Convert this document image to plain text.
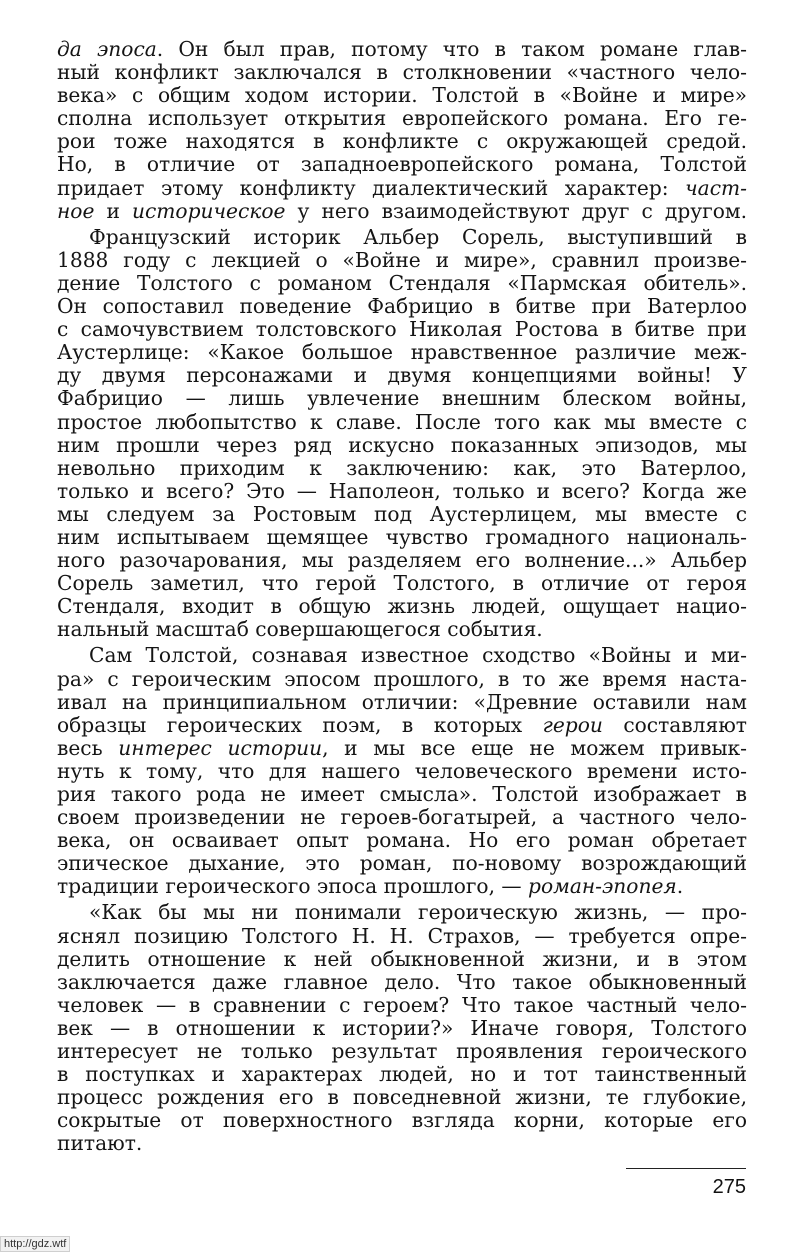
да эпоса. Он был прав, потому что в таком романе глав-

ный конфликт заключался в столкновении «частного чело-

века» с общим ходом истории. Толстой в «Войне и мире»

сполна использует открытия европейского романа. Его ге-

рои тоже находятся в конфликте с окружающей средой.

Но, в отличие от западноевропейского романа, Толстой

придает этому конфликту диалектический характер: част-

ное и историческое у него взаимодействуют друг с другом.

Французский историк Альбер Сорель, выступивший в

1888 году с лекцией о «Войне и мире», сравнил произве-

дение Толстого с романом Стендаля «Пармская обитель».

Он сопоставил поведение Фабрицио в битве при Ватерлоо

с самочувствием толстовского Николая Ростова в битве при

Аустерлице: «Какое большое нравственное различие меж-

ду двумя персонажами и двумя концепциями войны! У

Фабрицио — лишь увлечение внешним блеском войны,

простое любопытство к славе. После того как мы вместе с

ним прошли через ряд искусно показанных эпизодов, мы

невольно приходим к заключению: как, это Ватерлоо,

только и всего? Это — Наполеон, только и всего? Когда же

мы следуем за Ростовым под Аустерлицем, мы вместе с

ним испытываем щемящее чувство громадного националь-

ного разочарования, мы разделяем его волнение...» Альбер

Сорель заметил, что герой Толстого, в отличие от героя

Стендаля, входит в общую жизнь людей, ощущает нацио-

нальный масштаб совершающегося события.

Сам Толстой, сознавая известное сходство «Войны и ми-

ра» с героическим эпосом прошлого, в то же время наста-

ивал на принципиальном отличии: «Древние оставили нам

образцы героических поэм, в которых герои составляют

весь интерес истории, и мы все еще не можем привык-

нуть к тому, что для нашего человеческого времени исто-

рия такого рода не имеет смысла». Толстой изображает в

своем произведении не героев-богатырей, а частного чело-

века, он осваивает опыт романа. Но его роман обретает

эпическое дыхание, это роман, по-новому возрождающий

традиции героического эпоса прошлого, — роман-эпопея.

«Как бы мы ни понимали героическую жизнь, — про-

яснял позицию Толстого Н. Н. Страхов, — требуется опре-

делить отношение к ней обыкновенной жизни, и в этом

заключается даже главное дело. Что такое обыкновенный

человек — в сравнении с героем? Что такое частный чело-

век — в отношении к истории?» Иначе говоря, Толстого

интересует не только результат проявления героического

в поступках и характерах людей, но и тот таинственный

процесс рождения его в повседневной жизни, те глубокие,

сокрытые от поверхностного взгляда корни, которые его

питают.

275
http://gdz.wtf
